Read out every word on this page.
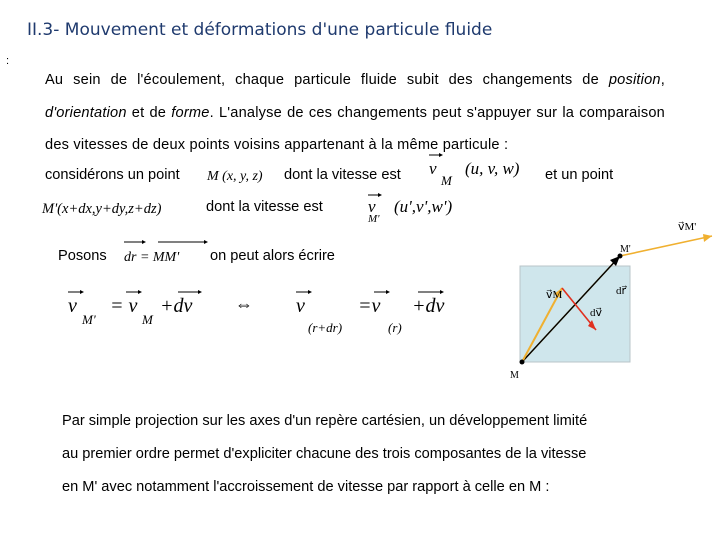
II.3- Mouvement et déformations d'une particule fluide
:
Au sein de l'écoulement, chaque particule fluide subit des changements de position, d'orientation et de forme. L'analyse de ces changements peut s'appuyer sur la comparaison des vitesses de deux points voisins appartenant à la même particule :
considérons un point M (x, y, z) dont la vitesse est v
M
(u, v, w) et un point
M'(x+dx,y+dy,z+dz)	dont la vitesse est	v
M'
(u',v',w')
Posons dr = MM' on peut alors écrire
v
M'
= v
M
+dv ⇔ v
(r+dr)
=v
(r)
+dv
M
M'
v⃗M	dr⃗
dv⃗
v⃗M'
Par simple projection sur les axes d'un repère cartésien, un développement limité
au premier ordre permet d'expliciter chacune des trois composantes de la vitesse
en M' avec notamment l'accroissement de vitesse par rapport à celle en M :
